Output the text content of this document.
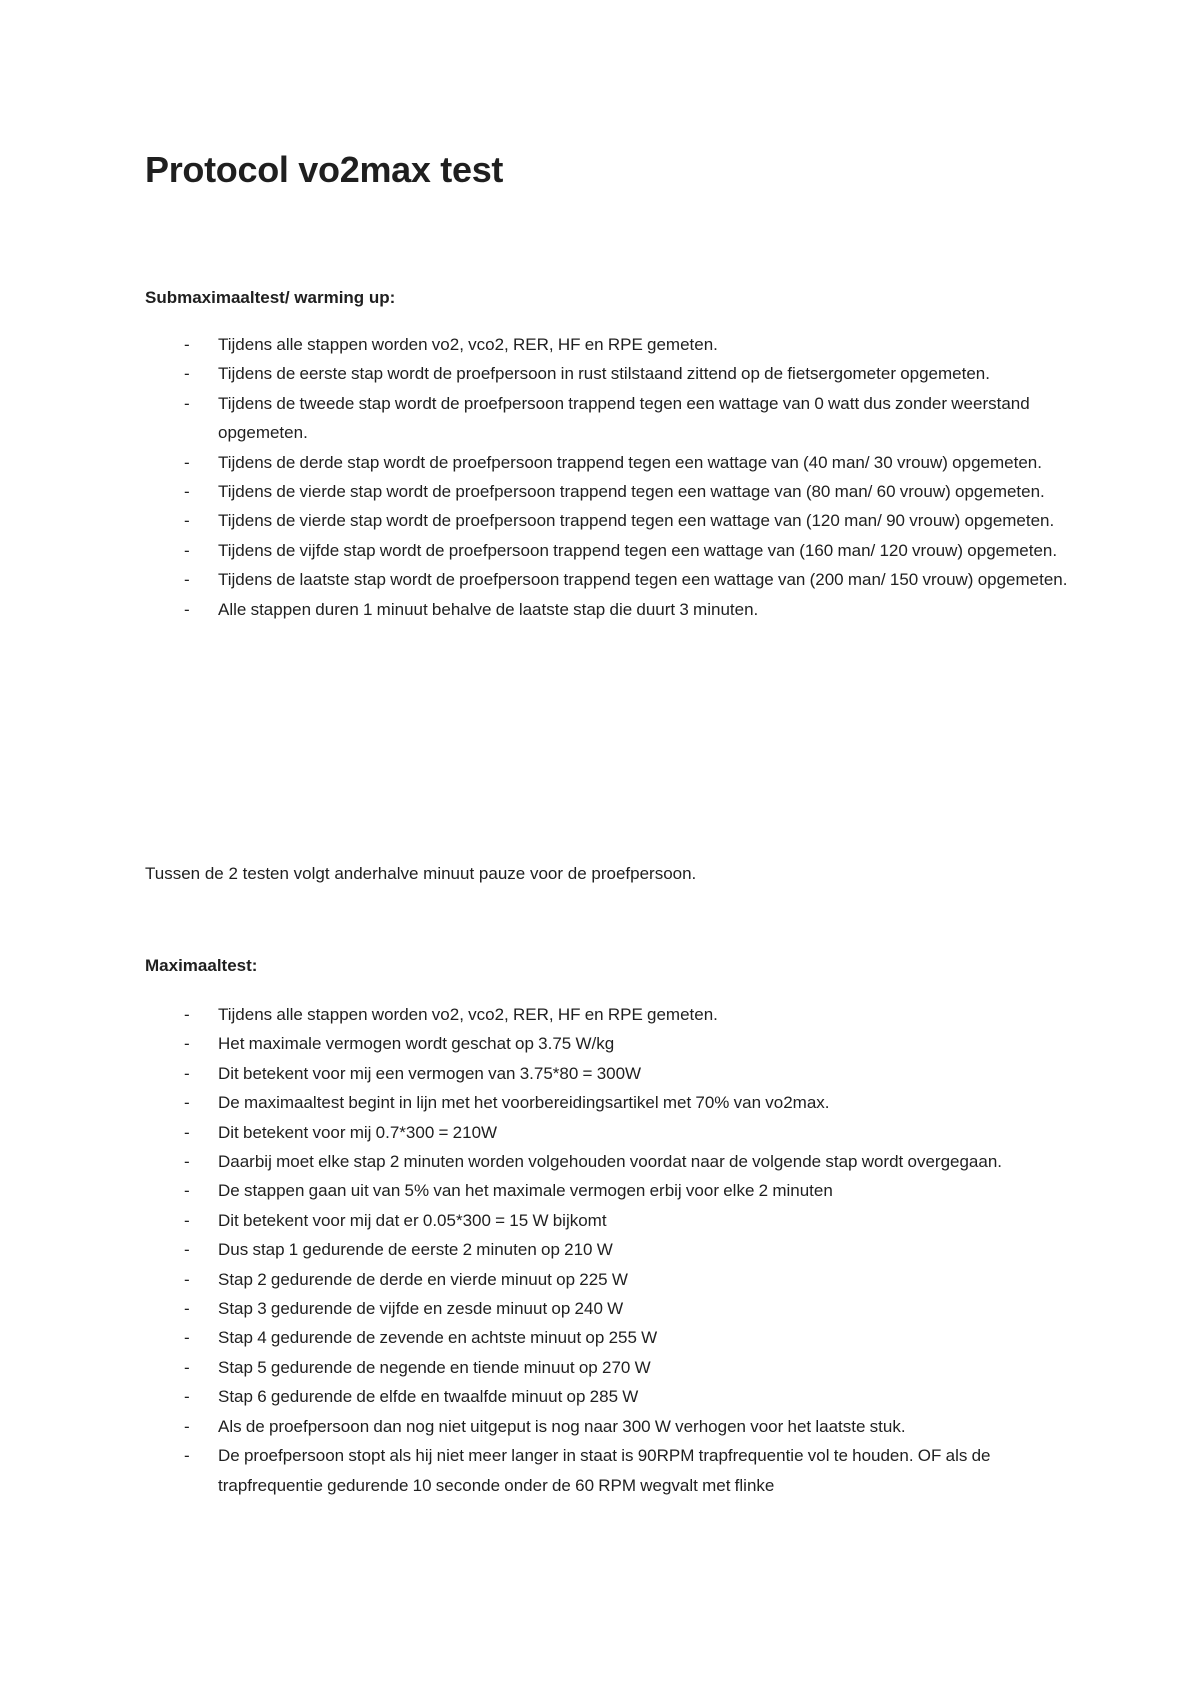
Protocol vo2max test
Submaximaaltest/ warming up:
- Tijdens alle stappen worden vo2, vco2, RER, HF en RPE gemeten.
- Tijdens de eerste stap wordt de proefpersoon in rust stilstaand zittend op de fietsergometer opgemeten.
- Tijdens de tweede stap wordt de proefpersoon trappend tegen een wattage van 0 watt dus zonder weerstand opgemeten.
- Tijdens de derde stap wordt de proefpersoon trappend tegen een wattage van (40 man/ 30 vrouw) opgemeten.
- Tijdens de vierde stap wordt de proefpersoon trappend tegen een wattage van (80 man/ 60 vrouw) opgemeten.
- Tijdens de vierde stap wordt de proefpersoon trappend tegen een wattage van (120 man/ 90 vrouw) opgemeten.
- Tijdens de vijfde stap wordt de proefpersoon trappend tegen een wattage van (160 man/ 120 vrouw) opgemeten.
- Tijdens de laatste stap wordt de proefpersoon trappend tegen een wattage van (200 man/ 150 vrouw) opgemeten.
- Alle stappen duren 1 minuut behalve de laatste stap die duurt 3 minuten.

Tussen de 2 testen volgt anderhalve minuut pauze voor de proefpersoon.

Maximaaltest:
- Tijdens alle stappen worden vo2, vco2, RER, HF en RPE gemeten.
- Het maximale vermogen wordt geschat op 3.75 W/kg
- Dit betekent voor mij een vermogen van 3.75*80 = 300W
- De maximaaltest begint in lijn met het voorbereidingsartikel met 70% van vo2max.
- Dit betekent voor mij 0.7*300 = 210W
- Daarbij moet elke stap 2 minuten worden volgehouden voordat naar de volgende stap wordt overgegaan.
- De stappen gaan uit van 5% van het maximale vermogen erbij voor elke 2 minuten
- Dit betekent voor mij dat er 0.05*300 = 15 W bijkomt
- Dus stap 1 gedurende de eerste 2 minuten op 210 W
- Stap 2 gedurende de derde en vierde minuut op 225 W
- Stap 3 gedurende de vijfde en zesde minuut op 240 W
- Stap 4 gedurende de zevende en achtste minuut op 255 W
- Stap 5 gedurende de negende en tiende minuut op 270 W
- Stap 6 gedurende de elfde en twaalfde minuut op 285 W
- Als de proefpersoon dan nog niet uitgeput is nog naar 300 W verhogen voor het laatste stuk.
- De proefpersoon stopt als hij niet meer langer in staat is 90RPM trapfrequentie vol te houden. OF als de trapfrequentie gedurende 10 seconde onder de 60 RPM wegvalt met flinke
